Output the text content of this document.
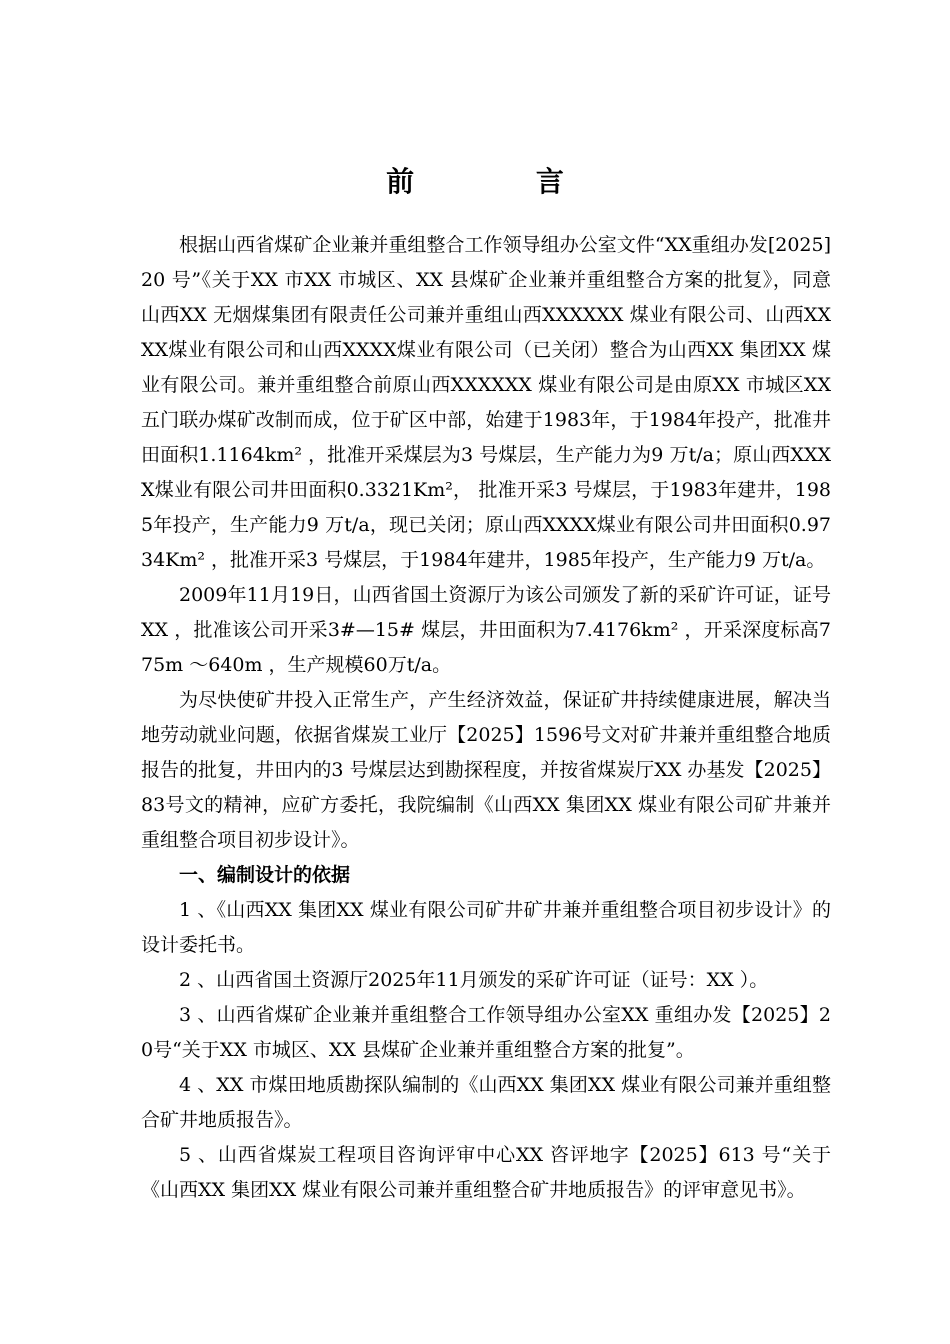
前 言

根据山西省煤矿企业兼并重组整合工作领导组办公室文件“XX重组办发[2025]20 号”《关于XX 市XX 市城区、XX 县煤矿企业兼并重组整合方案的批复》，同意山西XX 无烟煤集团有限责任公司兼并重组山西XXXXXX 煤业有限公司、山西XXXX煤业有限公司和山西XXXX煤业有限公司（已关闭）整合为山西XX 集团XX 煤业有限公司。兼并重组整合前原山西XXXXXX 煤业有限公司是由原XX 市城区XX 五门联办煤矿改制而成，位于矿区中部，始建于1983年，于1984年投产，批准井田面积1.1164km² ，批准开采煤层为3 号煤层，生产能力为9 万t/a；原山西XXXX煤业有限公司井田面积0.3321Km²， 批准开采3 号煤层，于1983年建井，1985年投产，生产能力9 万t/a，现已关闭；原山西XXXX煤业有限公司井田面积0.9734Km² ，批准开采3 号煤层，于1984年建井，1985年投产，生产能力9 万t/a。

2009年11月19日，山西省国土资源厅为该公司颁发了新的采矿许可证，证号XX ，批准该公司开采3#—15# 煤层，井田面积为7.4176km² ，开采深度标高775m ～640m ，生产规模60万t/a。

为尽快使矿井投入正常生产，产生经济效益，保证矿井持续健康进展，解决当地劳动就业问题，依据省煤炭工业厅【2025】1596号文对矿井兼并重组整合地质报告的批复，井田内的3 号煤层达到勘探程度，并按省煤炭厅XX 办基发【2025】83号文的精神，应矿方委托，我院编制《山西XX 集团XX 煤业有限公司矿井兼并重组整合项目初步设计》。

一、编制设计的依据

1 、《山西XX 集团XX 煤业有限公司矿井矿井兼并重组整合项目初步设计》的设计委托书。

2 、山西省国土资源厅2025年11月颁发的采矿许可证（证号：XX ）。

3 、山西省煤矿企业兼并重组整合工作领导组办公室XX 重组办发【2025】20号“关于XX 市城区、XX 县煤矿企业兼并重组整合方案的批复”。

4 、XX 市煤田地质勘探队编制的《山西XX 集团XX 煤业有限公司兼并重组整合矿井地质报告》。

5 、山西省煤炭工程项目咨询评审中心XX 咨评地字【2025】613 号“关于《山西XX 集团XX 煤业有限公司兼并重组整合矿井地质报告》的评审意见书》。
